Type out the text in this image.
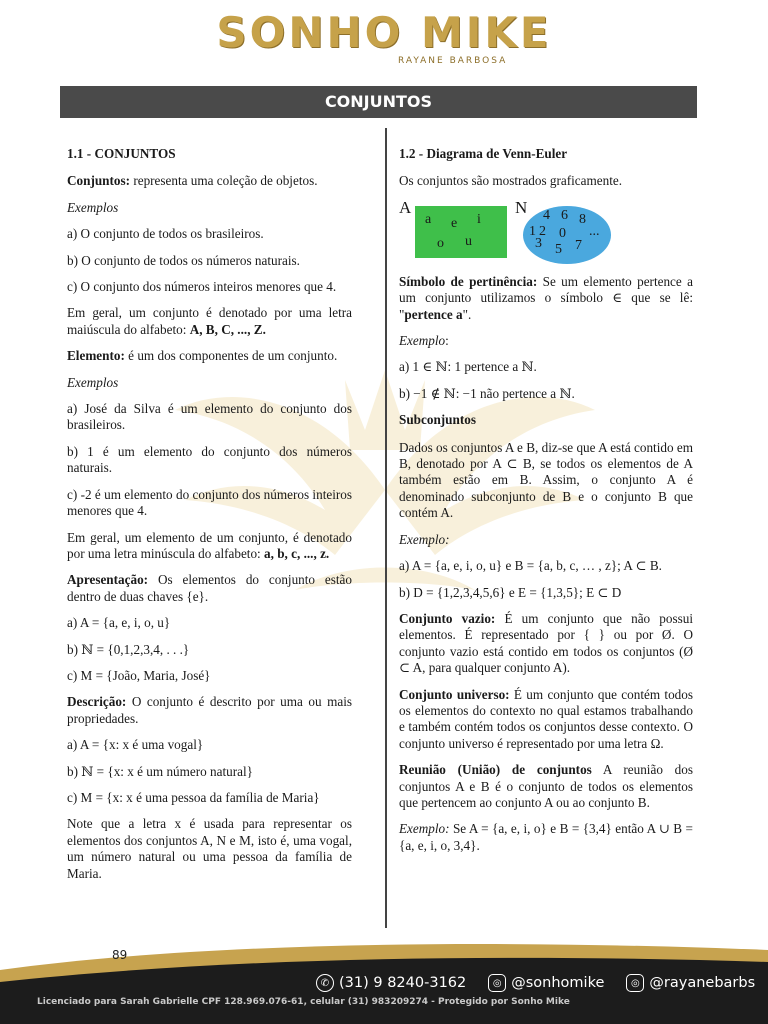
SONHO MIKE
RAYANE BARBOSA
CONJUNTOS

1.1 - CONJUNTOS

Conjuntos: representa uma coleção de objetos.

Exemplos

a) O conjunto de todos os brasileiros.

b) O conjunto de todos os números naturais.

c) O conjunto dos números inteiros menores que 4.

Em geral, um conjunto é denotado por uma letra maiúscula do alfabeto: A, B, C, ..., Z.

Elemento: é um dos componentes de um conjunto.

Exemplos

a) José da Silva é um elemento do conjunto dos brasileiros.

b) 1 é um elemento do conjunto dos números naturais.

c) -2 é um elemento do conjunto dos números inteiros menores que 4.

Em geral, um elemento de um conjunto, é denotado por uma letra minúscula do alfabeto: a, b, c, ..., z.

Apresentação: Os elementos do conjunto estão dentro de duas chaves {e}.

a) A = {a, e, i, o, u}

b) ℕ = {0,1,2,3,4, . . .}

c) M = {João, Maria, José}

Descrição: O conjunto é descrito por uma ou mais propriedades.

a) A = {x: x é uma vogal}

b) ℕ = {x: x é um número natural}

c) M = {x: x é uma pessoa da família de Maria}

Note que a letra x é usada para representar os elementos dos conjuntos A, N e M, isto é, uma vogal, um número natural ou uma pessoa da família de Maria.

1.2 - Diagrama de Venn-Euler

Os conjuntos são mostrados graficamente.

A
a e i
o u
N 4 6 8
1 2 0
3 5 7
...

Símbolo de pertinência: Se um elemento pertence a um conjunto utilizamos o símbolo ∈ que se lê: "pertence a".

Exemplo:

a) 1 ∈ ℕ: 1 pertence a ℕ.

b) −1 ∉ ℕ: −1 não pertence a ℕ.

Subconjuntos

Dados os conjuntos A e B, diz-se que A está contido em B, denotado por A ⊂ B, se todos os elementos de A também estão em B. Assim, o conjunto A é denominado subconjunto de B e o conjunto B que contém A.

Exemplo:

a) A = {a, e, i, o, u} e B = {a, b, c, … , z}; A ⊂ B.

b) D = {1,2,3,4,5,6} e E = {1,3,5}; E ⊂ D

Conjunto vazio: É um conjunto que não possui elementos. É representado por { } ou por Ø. O conjunto vazio está contido em todos os conjuntos (Ø ⊂ A, para qualquer conjunto A).

Conjunto universo: É um conjunto que contém todos os elementos do contexto no qual estamos trabalhando e também contém todos os conjuntos desse contexto. O conjunto universo é representado por uma letra Ω.

Reunião (União) de conjuntos A reunião dos conjuntos A e B é o conjunto de todos os elementos que pertencem ao conjunto A ou ao conjunto B.

Exemplo: Se A = {a, e, i, o} e B = {3,4} então A ∪ B = {a, e, i, o, 3,4}.

89
✆ (31) 9 8240-3162	◎ @sonhomike	◎ @rayanebarbs
Licenciado para Sarah Gabrielle CPF 128.969.076-61, celular (31) 983209274 - Protegido por Sonho Mike
